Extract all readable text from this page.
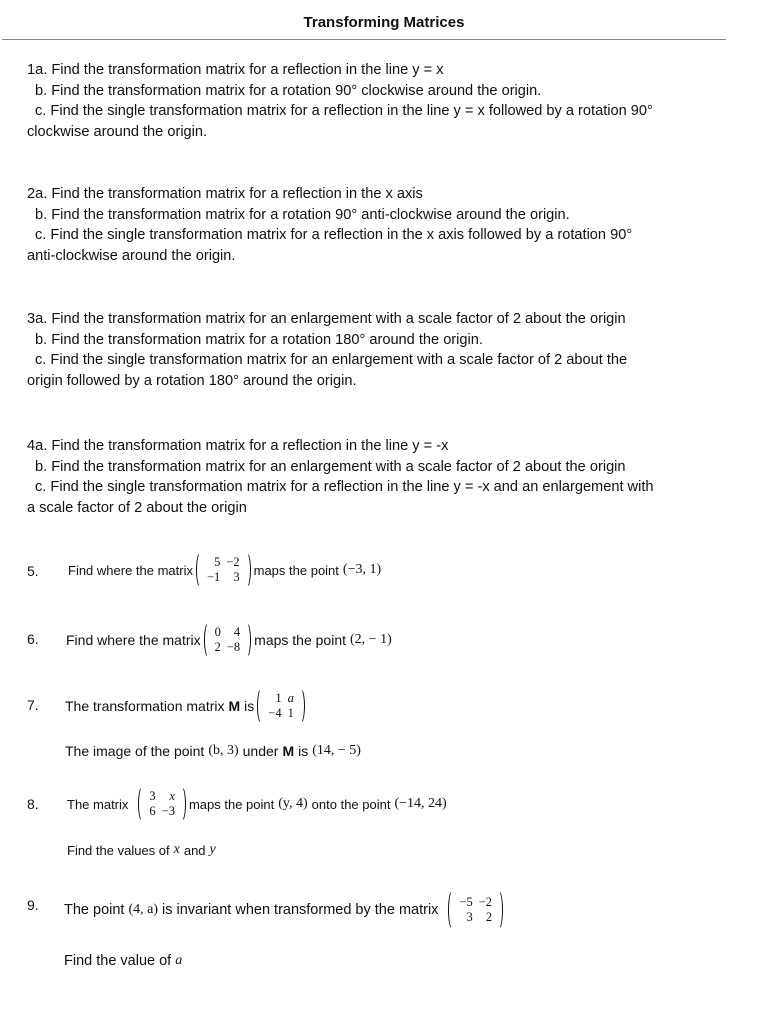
Transforming Matrices

1a. Find the transformation matrix for a reflection in the line y = x

b. Find the transformation matrix for a rotation 90° clockwise around the origin.

c. Find the single transformation matrix for a reflection in the line y = x followed by a rotation 90°

clockwise around the origin.

2a. Find the transformation matrix for a reflection in the x axis

b. Find the transformation matrix for a rotation 90° anti-clockwise around the origin.

c. Find the single transformation matrix for a reflection in the x axis followed by a rotation 90°

anti-clockwise around the origin.

3a. Find the transformation matrix for an enlargement with a scale factor of 2 about the origin

b. Find the transformation matrix for a rotation 180° around the origin.

c. Find the single transformation matrix for an enlargement with a scale factor of 2 about the

origin followed by a rotation 180° around the origin.

4a. Find the transformation matrix for a reflection in the line y = -x

b. Find the transformation matrix for an enlargement with a scale factor of 2 about the origin

c. Find the single transformation matrix for a reflection in the line y = -x and an enlargement with

a scale factor of 2 about the origin

5. Find where the matrix
5	−2
−1	3 maps the point (−3, 1)
6. Find where the matrix 0	4
2	−8 maps the point (2, − 1)
7. The transformation matrix M is 1	a
−4	1
The image of the point (b, 3) under M is (14, − 5)
8. The matrix
3	x
6	−3 maps the point (y, 4) onto the point (−14, 24)
Find the values of x and y
9. The point (4, a) is invariant when transformed by the matrix −5	−2
3	2
Find the value of a
